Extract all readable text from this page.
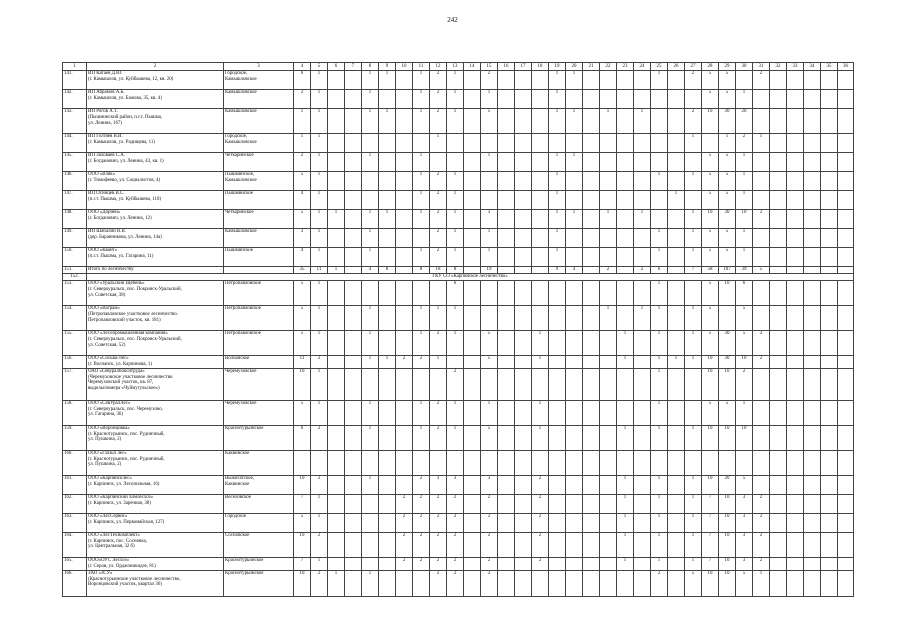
242
1	2	3	4	5	6	7	8	9	10	11	12	13	14	15	16	17	18	19	20	21	22	23	24	25	26	27	28	29	30	31	32	33	34	35	36
141.	ИП Катаев Д.Ю.
(г. Камышлов, ул. Куйбышева, 12, кв. 20)	Городское,
Камышловское	6	1			1	1		1	2	1		2				1	1					1		2	5	5		2					
142.	ИП Абрамов А.Б.
(г. Камышлов, ул. Бажова, 35, кв. 4)	Камышловское	2	1			1			1	2	1		1				1									5	5	1						
143.	ИП Рогов А.Т.
(Пышминский район, п.г.т. Пышма,
ул. Ленина, 167)	Камышловское	1	1			1	1		1	2	1		5				1	1		1		1			2	10	30	20						
144.	ИП Голтяев В.И.
(г. Камышлов, ул. Радищева, 11)	Городское,
Камышловское	1	1							1															1		1	2	1					
145.	ИП Заховаев С.А.
(г. Богданович, ул. Ленина, 43, кв. 1)	Четкаринское	2	1			1			1				1				1	1								5	5	1						
146.	ООО «Вляк»
(г. Тимофеево, ул. Социалистов, 4)	Пышминское,
Камышловское	5	1						1	2	1						1						1		1	5	5	1						
147.	ИП Осинцев В.С.
(п.г.т. Пышма, ул. Куйбышева, 118)	Пышминское	4	1						1	2	1						1							1		5	5	1						
148.	ООО «Дорней»
(г. Богданович, ул. Ленина, 12)	Четкаринское	5	1	1		1	1		1	2	1		3				1	1		1		1			1	10	30	10	2					
149.	ИП Шабалин В.В.
(дер. Баранникова, ул. Ленина, 14а)	Камышловское	3	1			1				2	1		1				1						1		1	5	5	1						
150.	ООО «Квант»
(п.г.т. Пышма, ул. Гагарина, 11)	Пышминское	4	1			1			1	2	1		1				1						1		1	5	5	1						
151.	Итого по лесничеству		35	11	1		4	8		8	18	8		19				9	4		2		2	6		7	58	107	39	5					
152.	ГКУ СО «Карпинское лесничество»																																		
153.	ООО «Уральский Щебень»
(г. Североуральск, пос. Покровск-Уральский,
ул. Советская, 38)	Петропавловское	5	1								6												1			5	10	6						
154.	ООО «Ваграм»
(Петропавловское участковое лесничество.
Петропавловский участок, кв. 181)	Петропавловское	5	1			1			1	1	1									1		1	1		1	5		5						
155.	ООО «Лесопромышленная компания»
(г. Североуральск, пос. Покровск-Уральский,
ул. Советская, 52)	Петропавловское	5	1			1			1	2	1		5			1					1		1		1	5	30	5	2					
156.	ООО «Сосьва-Лес»
(г. Волчанск, ул. Карпинова, 1)	Волчанское	11	2			1	1	2	2	1			5			1					1		1	1	1	10	30	10	2					
157.	ОАО «Севуралбокситруда»
(Черемуховское участковое лесничество.
Черемуховский участок, кв. 87,
выделы/номера «Чуймугульское»)	Черемуховское	10	1								2												1			10	10	2						
158.	ООО «СевУралЛес»
(г. Североуральск, пос. Черемухово,
ул. Гагарина, 36)	Черёмуховское	5	1			1			1	2	1		1			1							1			5	5	1						
159.	ООО «Воронцовка»
(г. Краснотурьинск, пос. Рудничный,
ул. Пушкина, 2)	Краснотурьинское	6	2			1			1	2	1		5			1					1		1		1	10	10	10						
160.	ООО «Глазьп лес»
(г. Краснотурьинск, пос. Рудничный,
ул. Пушкина, 2)	Каквинское																																	
161.	ООО «Карпинсклес»
(г. Карпинск, ул. Лесопильная, 16)	Выжигатское,
Каквинское	10	2			1			2	3	3		3			2					1		1		1	10	20	5						
162.	ООО «Карпинский химлесхоз»
(г. Карпинск, ул. Заречная, 38)	Веселовское	7	1					2	2	2	2		2			2					1		1		1	7	10	3	2					
163.	ООО «ЛесСервис»
(г. Карпинск, ул. Первомайская, 127)	Городское	5	1					2	2	2	2		2			2					1		1		1	7	10	3	2					
164.	ООО «ЛесТехКомплект»
(г. Карпинск, пос. Сосновка,
ул. Центральная, 32 б)	Сосновское	10	2					2	2	2	2		2			2					1		1		1	7	10	3	2					
165.	ООО«ОУС Лесхоз»
(г. Серов, ул. Орджоникидзе, 81)	Краснотурьинское	7	1					2	2	2	2		2			2					1		1		1	7	10	3	2					
166.	ЗАО «ЗСУ»
(Краснотурьинское участковое лесничество,
Воронцовский участок, квартал 36)	Краснотурьинское	10	2	1		1				2	2		2										2		5	10	10	5	1					
